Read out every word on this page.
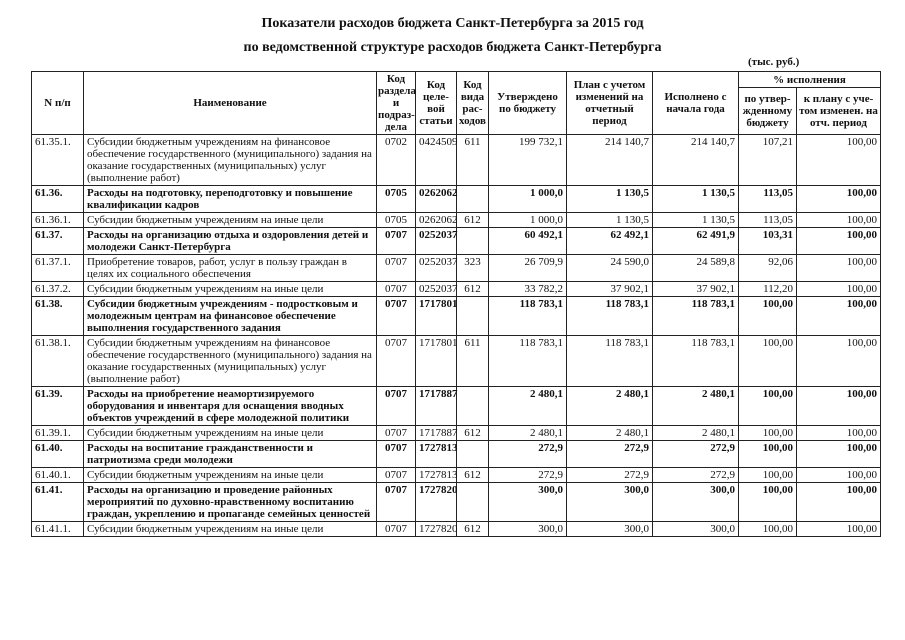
Показатели расходов бюджета Санкт-Петербурга за 2015 год
по ведомственной структуре расходов бюджета Санкт-Петербурга
(тыс. руб.)
N п/п	Наименование	Код раздела и подраз-дела	Код целе-вой статьи	Код вида рас-ходов	Утверждено по бюджету	План с учетом изменений на отчетный период	Исполнено с начала года	% исполнения	
								по утвер-жденному бюджету	к плану с уче-том изменен. на отч. период
61.35.1.	Субсидии бюджетным учреждениям на финансовое обеспечение государственного (муниципального) задания на оказание государственных (муниципальных) услуг (выполнение работ)	0702	0424509	611	199 732,1	214 140,7	214 140,7	107,21	100,00
61.36.	Расходы на подготовку, переподготовку и повышение квалификации кадров	0705	0262062		1 000,0	1 130,5	1 130,5	113,05	100,00
61.36.1.	Субсидии бюджетным учреждениям на иные цели	0705	0262062	612	1 000,0	1 130,5	1 130,5	113,05	100,00
61.37.	Расходы на организацию отдыха и оздоровления детей и молодежи Санкт-Петербурга	0707	0252037		60 492,1	62 492,1	62 491,9	103,31	100,00
61.37.1.	Приобретение товаров, работ, услуг в пользу граждан в целях их социального обеспечения	0707	0252037	323	26 709,9	24 590,0	24 589,8	92,06	100,00
61.37.2.	Субсидии бюджетным учреждениям на иные цели	0707	0252037	612	33 782,2	37 902,1	37 902,1	112,20	100,00
61.38.	Субсидии бюджетным учреждениям - подростковым и молодежным центрам на финансовое обеспечение выполнения государственного задания	0707	1717801		118 783,1	118 783,1	118 783,1	100,00	100,00
61.38.1.	Субсидии бюджетным учреждениям на финансовое обеспечение государственного (муниципального) задания на оказание государственных (муниципальных) услуг (выполнение работ)	0707	1717801	611	118 783,1	118 783,1	118 783,1	100,00	100,00
61.39.	Расходы на приобретение неамортизируемого оборудования и инвентаря для оснащения вводных объектов учреждений в сфере молодежной политики	0707	1717887		2 480,1	2 480,1	2 480,1	100,00	100,00
61.39.1.	Субсидии бюджетным учреждениям на иные цели	0707	1717887	612	2 480,1	2 480,1	2 480,1	100,00	100,00
61.40.	Расходы на воспитание гражданственности и патриотизма среди молодежи	0707	1727813		272,9	272,9	272,9	100,00	100,00
61.40.1.	Субсидии бюджетным учреждениям на иные цели	0707	1727813	612	272,9	272,9	272,9	100,00	100,00
61.41.	Расходы на организацию и проведение районных мероприятий по духовно-нравственному воспитанию граждан, укреплению и пропаганде семейных ценностей	0707	1727820		300,0	300,0	300,0	100,00	100,00
61.41.1.	Субсидии бюджетным учреждениям на иные цели	0707	1727820	612	300,0	300,0	300,0	100,00	100,00
